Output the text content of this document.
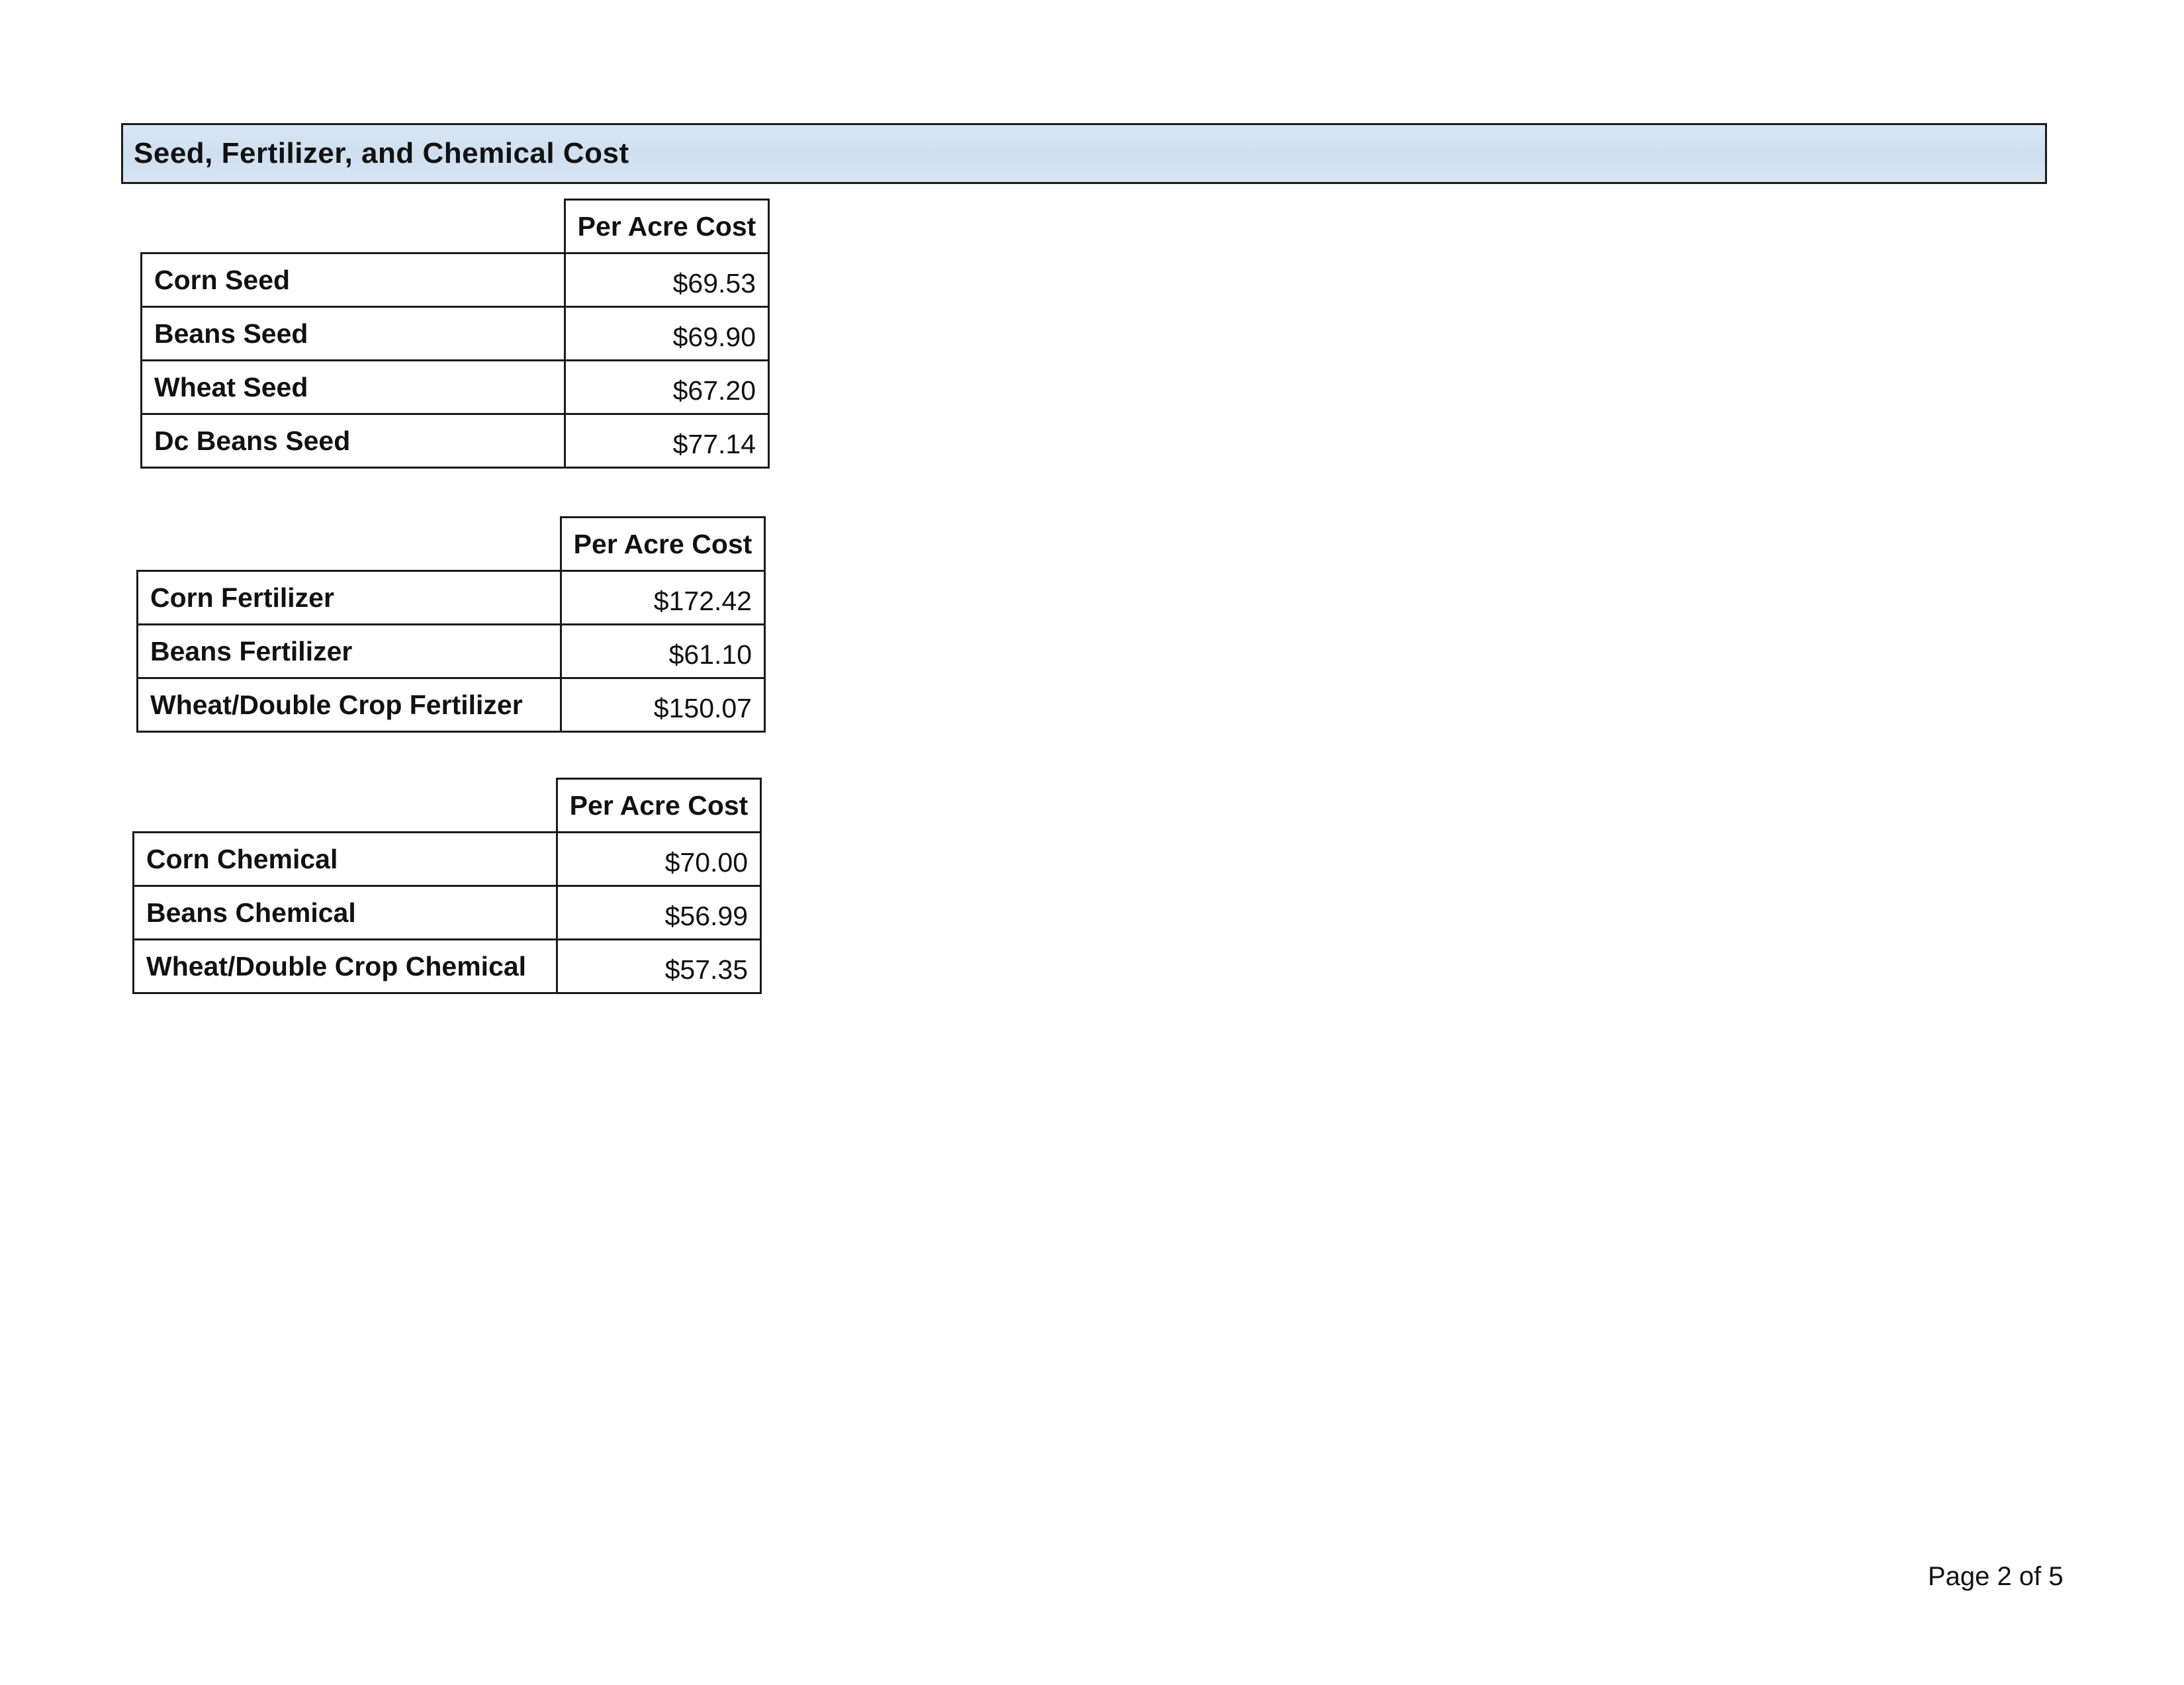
Seed, Fertilizer, and Chemical Cost
	Per Acre Cost
Corn Seed	$69.53
Beans Seed	$69.90
Wheat Seed	$67.20
Dc Beans Seed	$77.14
	Per Acre Cost
Corn Fertilizer	$172.42
Beans Fertilizer	$61.10
Wheat/Double Crop Fertilizer	$150.07
	Per Acre Cost
Corn Chemical	$70.00
Beans Chemical	$56.99
Wheat/Double Crop Chemical	$57.35
Page 2 of 5
